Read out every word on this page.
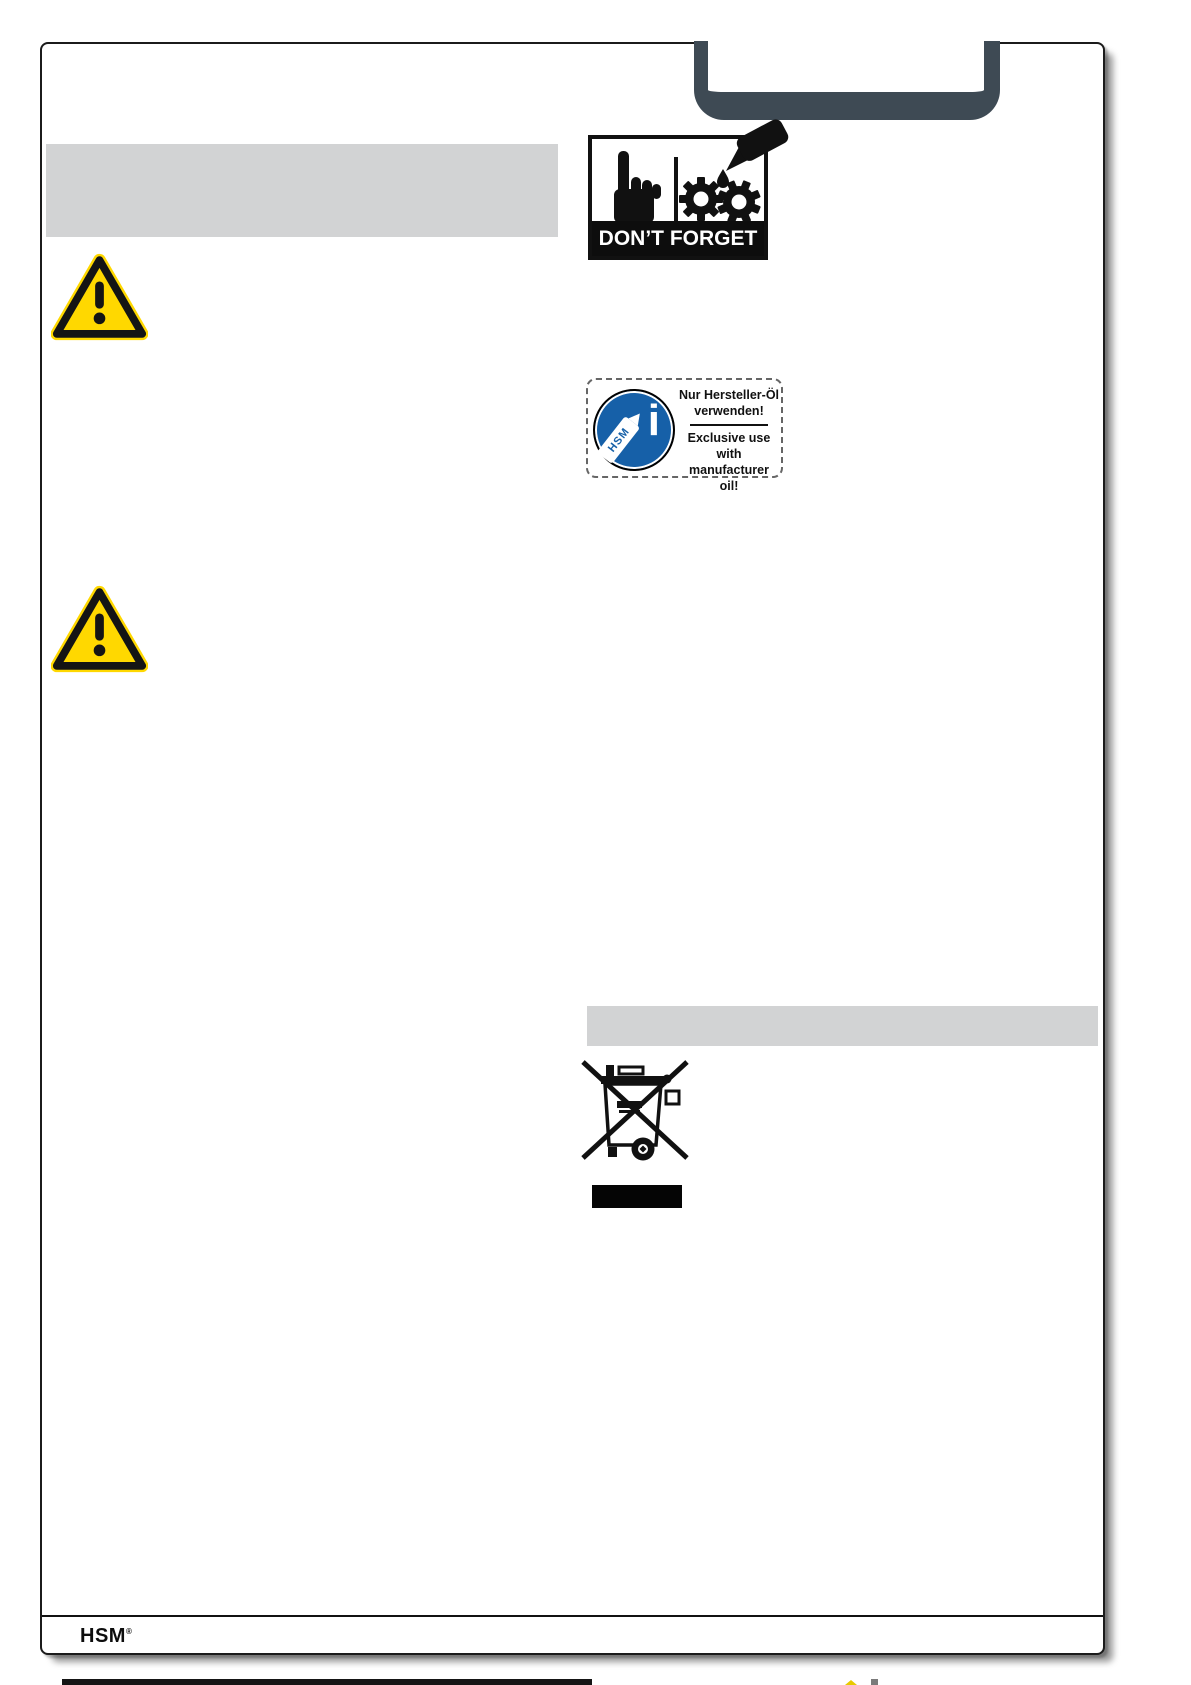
DON’T FORGET
HSM i
Nur Hersteller-Öl
verwenden!
Exclusive use with
manufacturer oil!
HSM®
